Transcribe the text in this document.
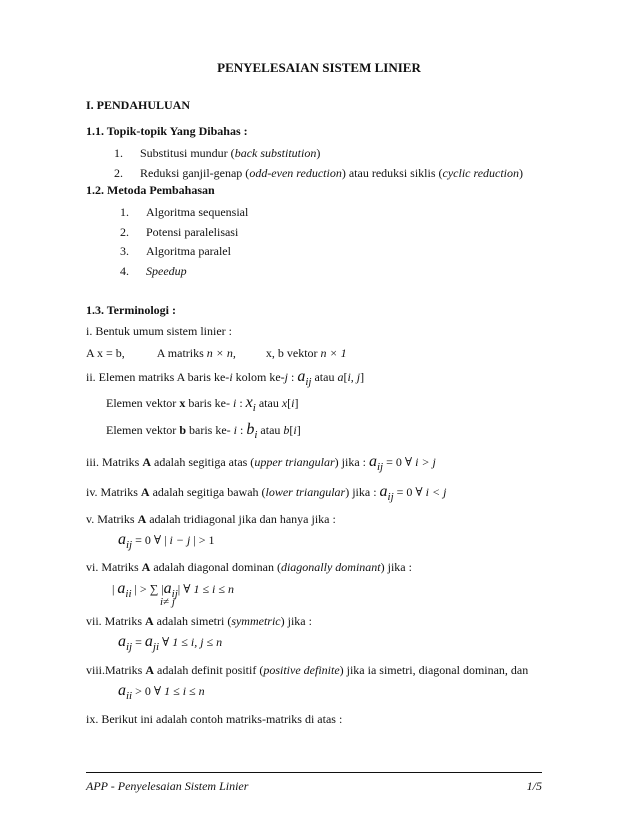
PENYELESAIAN SISTEM LINIER
I. PENDAHULUAN
1.1. Topik-topik Yang Dibahas :
1. Substitusi mundur (back substitution)
2. Reduksi ganjil-genap (odd-even reduction) atau reduksi siklis (cyclic reduction)
1.2. Metoda Pembahasan
1. Algoritma sequensial
2. Potensi paralelisasi
3. Algoritma paralel
4. Speedup
1.3. Terminologi :
i. Bentuk umum sistem linier :
A x = b,	A matriks n × n,	x, b vektor n × 1
ii. Elemen matriks A baris ke-i kolom ke-j : aij atau a[i, j]
Elemen vektor x baris ke- i : xi atau x[i]
Elemen vektor b baris ke- i : bi atau b[i]
iii. Matriks A adalah segitiga atas (upper triangular) jika : aij = 0 ∀ i > j
iv. Matriks A adalah segitiga bawah (lower triangular) jika : aij = 0 ∀ i < j
v. Matriks A adalah tridiagonal jika dan hanya jika :
aij = 0 ∀ | i − j | > 1
vi. Matriks A adalah diagonal dominan (diagonally dominant) jika :
| aii | > ∑ |aij| ∀ 1 ≤ i ≤ n
i≠ j
vii. Matriks A adalah simetri (symmetric) jika :
aij = aji ∀ 1 ≤ i, j ≤ n
viii.Matriks A adalah definit positif (positive definite) jika ia simetri, diagonal dominan, dan
aii > 0 ∀ 1 ≤ i ≤ n
ix. Berikut ini adalah contoh matriks-matriks di atas :
APP - Penyelesaian Sistem Linier	1/5
